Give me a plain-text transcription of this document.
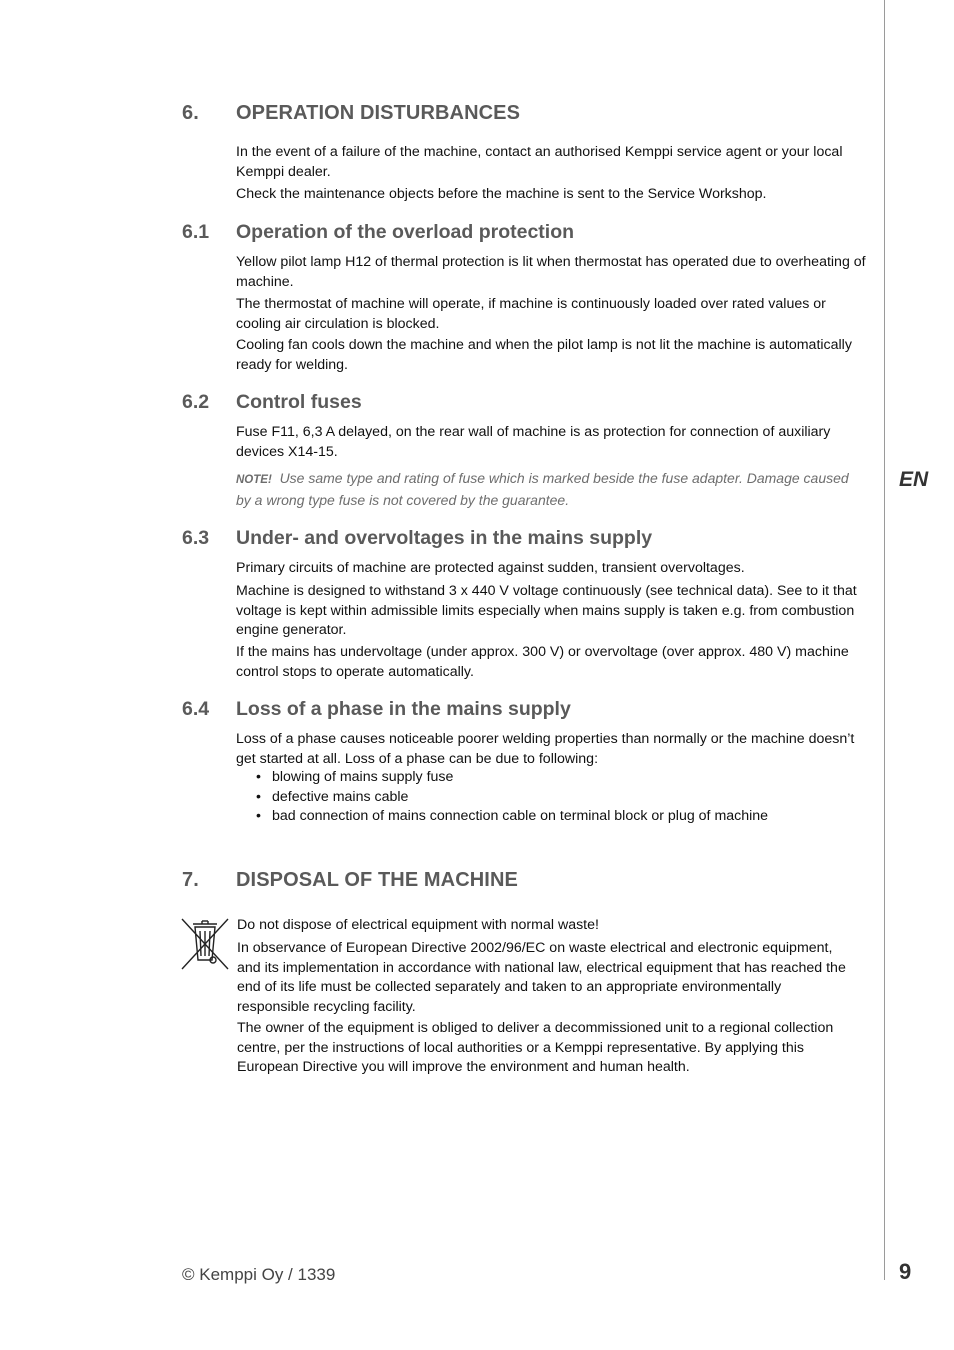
EN
6. OPERATION DISTURBANCES
In the event of a failure of the machine, contact an authorised Kemppi service agent or your local Kemppi dealer.
Check the maintenance objects before the machine is sent to the Service Workshop.
6.1 Operation of the overload protection
Yellow pilot lamp H12 of thermal protection is lit when thermostat has operated due to overheating of machine.
The thermostat of machine will operate, if machine is continuously loaded over rated values or cooling air circulation is blocked.
Cooling fan cools down the machine and when the pilot lamp is not lit the machine is automatically ready for welding.
6.2 Control fuses
Fuse F11, 6,3 A delayed, on the rear wall of machine is as protection for connection of auxiliary devices X14-15.
NOTE! Use same type and rating of fuse which is marked beside the fuse adapter. Damage caused by a wrong type fuse is not covered by the guarantee.
6.3 Under- and overvoltages in the mains supply
Primary circuits of machine are protected against sudden, transient overvoltages.
Machine is designed to withstand 3 x 440 V voltage continuously (see technical data). See to it that voltage is kept within admissible limits especially when mains supply is taken e.g. from combustion engine generator.
If the mains has undervoltage (under approx. 300 V) or overvoltage (over approx. 480 V) machine control stops to operate automatically.
6.4 Loss of a phase in the mains supply
Loss of a phase causes noticeable poorer welding properties than normally or the machine doesn’t get started at all. Loss of a phase can be due to following:
• blowing of mains supply fuse
• defective mains cable
• bad connection of mains connection cable on terminal block or plug of machine
7. DISPOSAL OF THE MACHINE
Do not dispose of electrical equipment with normal waste!
In observance of European Directive 2002/96/EC on waste electrical and electronic equipment, and its implementation in accordance with national law, electrical equipment that has reached the end of its life must be collected separately and taken to an appropriate environmentally responsible recycling facility.
The owner of the equipment is obliged to deliver a decommissioned unit to a regional collection centre, per the instructions of local authorities or a Kemppi representative. By applying this European Directive you will improve the environment and human health.
© Kemppi Oy / 1339	9
